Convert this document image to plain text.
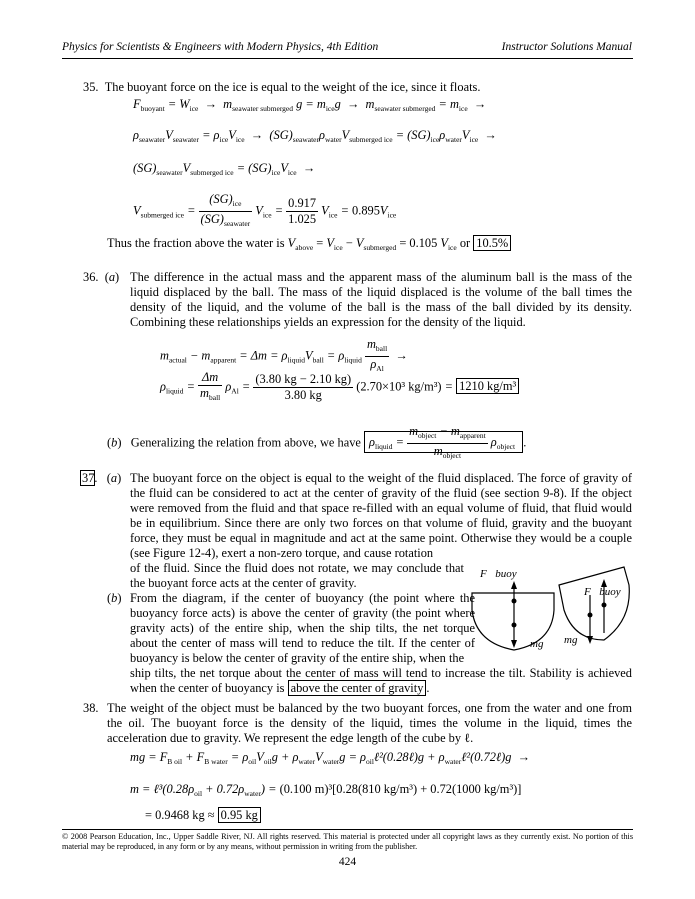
Physics for Scientists & Engineers with Modern Physics, 4th Edition	Instructor Solutions Manual
35. The buoyant force on the ice is equal to the weight of the ice, since it floats.
$F_{buoyant} = W_{ice} \to m_{seawater submerged}$ $g = m_{ice}g \to m_{seawater submerged} = m_{ice}$  →
$\rho_{seawater}V_{seawater} = \rho_{ice}V_{ice} \to (SG)_{seawater}\rho_{water}V_{submerged ice} = (SG)_{ice}\rho_{water}V_{ice}$  →
$(SG)_{seawater}V_{submerged ice} = (SG)_{ice}V_{ice}$  →
$V_{submerged ice} = \frac{(SG)_{ice}}{(SG)_{seawater}} V_{ice} = \frac{0.917}{1.025} V_{ice} = 0.895V_{ice}$
Thus the fraction above the water is $V_{above} = V_{ice} - V_{submerged} = 0.105$ $V_{ice}$ or 10.5%
36.  (a) The difference in the actual mass and the apparent mass of the aluminum ball is the mass of the liquid displaced by the ball. The mass of the liquid displaced is the volume of the ball times the density of the liquid, and the volume of the ball is the mass of the ball divided by its density. Combining these relationships yields an expression for the density of the liquid.
$m_{actual} - m_{apparent} = \Delta m = \rho_{liquid}V_{ball} = \rho_{liquid} \frac{m_{ball}}{\rho_{Al}}$ →
$\rho_{liquid} = \frac{\Delta m}{m_{ball}} \rho_{Al} = \frac{(3.80 kg - 2.10 kg)}{3.80 kg} (2.70\times 10^3$ kg/m³) = 1210 kg/m³
(b)   Generalizing the relation from above, we have $\rho_{liquid} = \frac{m_{object} - m_{apparent}}{m_{object}} \rho_{object}$ .
37.   (a) The buoyant force on the object is equal to the weight of the fluid displaced. The force of gravity of the fluid can be considered to act at the center of gravity of the fluid (see section 9-8). If the object were removed from the fluid and that space re-filled with an equal volume of fluid, that fluid would be in equilibrium. Since there are only two forces on that volume of fluid, gravity and the buoyant force, they must be equal in magnitude and act at the same point. Otherwise they would be a couple (see Figure 12-4), exert a non-zero torque, and cause rotation
of the fluid. Since the fluid does not rotate, we may conclude that the buoyant force acts at the center of gravity.
(b) From the diagram, if the center of buoyancy (the point where the buoyancy force acts) is above the center of gravity (the point where gravity acts) of the entire ship, when the ship tilts, the net torque about the center of mass will tend to reduce the tilt. If the center of buoyancy is below the center of gravity of the entire ship, when the
ship tilts, the net torque about the center of mass will tend to increase the tilt. Stability is achieved when the center of buoyancy is above the center of gravity .
F⃗buoy
F⃗buoy
mg⃗ mg⃗
38. The weight of the object must be balanced by the two buoyant forces, one from the water and one from the oil. The buoyant force is the density of the liquid, times the volume in the liquid, times the acceleration due to gravity. We represent the edge length of the cube by ℓ.
mg = $F_{B oil} + F_{B water} = \rho_{oil}V_{oil}g + \rho_{water}V_{water}g$ = $\rho_{oil}\ell^2(0.28\ell)g$ + $\rho_{water}\ell^2(0.72\ell)g$  →
$m = \ell^3(0.28\rho_{oil} + 0.72\rho_{water}) = (0.100$ m)³[0.28(810 kg/m³) + 0.72(1000 kg/m³)]
= 0.9468 kg ≈ 0.95 kg
© 2008 Pearson Education, Inc., Upper Saddle River, NJ. All rights reserved. This material is protected under all copyright laws as they currently exist. No portion of this material may be reproduced, in any form or by any means, without permission in writing from the publisher.
424
